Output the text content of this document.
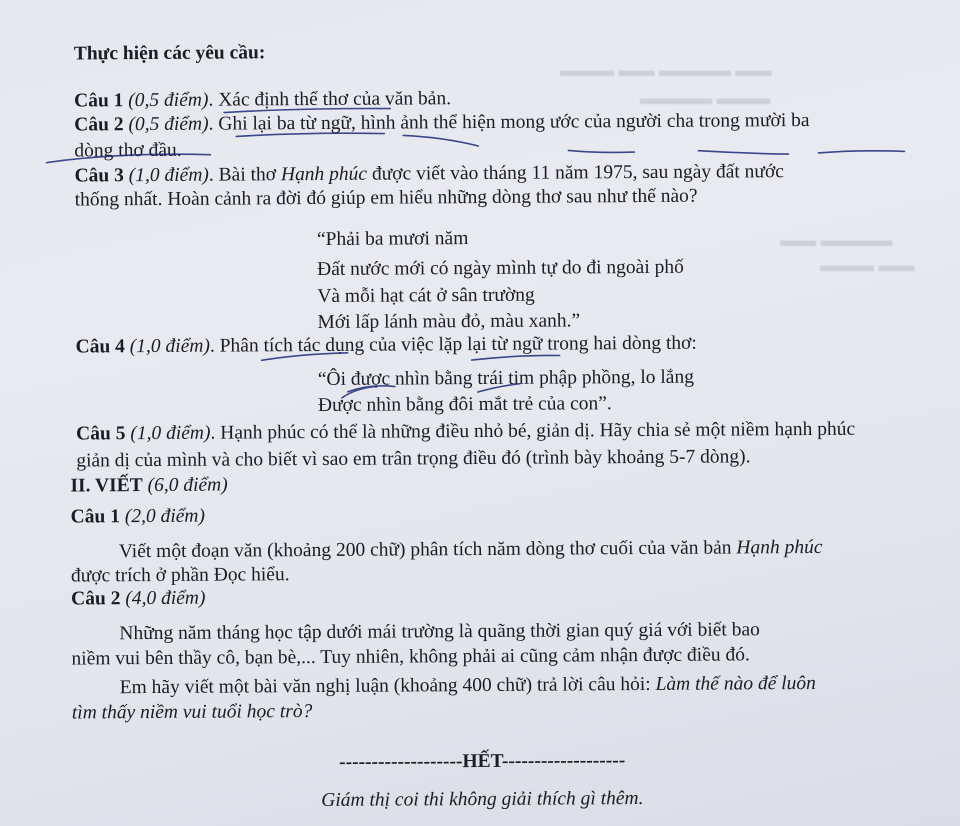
▬▬▬ ▬▬ ▬▬▬▬ ▬▬
▬▬▬▬ ▬▬▬
▬▬ ▬▬▬▬
▬▬▬ ▬▬
Thực hiện các yêu cầu:
Câu 1 (0,5 điểm). Xác định thể thơ của văn bản.
Câu 2 (0,5 điểm). Ghi lại ba từ ngữ, hình ảnh thể hiện mong ước của người cha trong mười ba
dòng thơ đầu.
Câu 3 (1,0 điểm). Bài thơ Hạnh phúc được viết vào tháng 11 năm 1975, sau ngày đất nước
thống nhất. Hoàn cảnh ra đời đó giúp em hiểu những dòng thơ sau như thế nào?
“Phải ba mươi năm
Đất nước mới có ngày mình tự do đi ngoài phố
Và mỗi hạt cát ở sân trường
Mới lấp lánh màu đỏ, màu xanh.”
Câu 4 (1,0 điểm). Phân tích tác dụng của việc lặp lại từ ngữ trong hai dòng thơ:
“Ôi được nhìn bằng trái tim phập phồng, lo lắng
Được nhìn bằng đôi mắt trẻ của con”.
Câu 5 (1,0 điểm). Hạnh phúc có thể là những điều nhỏ bé, giản dị. Hãy chia sẻ một niềm hạnh phúc
giản dị của mình và cho biết vì sao em trân trọng điều đó (trình bày khoảng 5-7 dòng).
II. VIẾT (6,0 điểm)
Câu 1 (2,0 điểm)
Viết một đoạn văn (khoảng 200 chữ) phân tích năm dòng thơ cuối của văn bản Hạnh phúc
được trích ở phần Đọc hiểu.
Câu 2 (4,0 điểm)
Những năm tháng học tập dưới mái trường là quãng thời gian quý giá với biết bao
niềm vui bên thầy cô, bạn bè,... Tuy nhiên, không phải ai cũng cảm nhận được điều đó.
Em hãy viết một bài văn nghị luận (khoảng 400 chữ) trả lời câu hỏi: Làm thế nào để luôn
tìm thấy niềm vui tuổi học trò?
-------------------HẾT-------------------
Giám thị coi thi không giải thích gì thêm.
